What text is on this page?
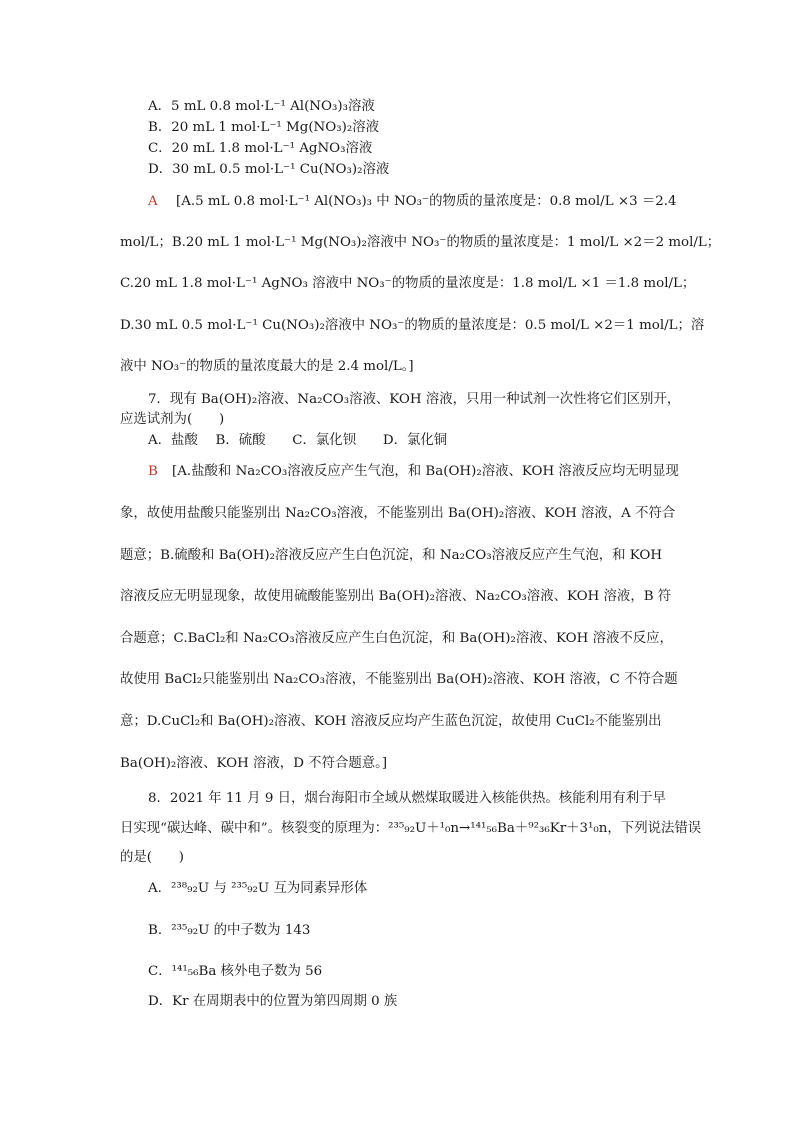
A．5 mL 0.8 mol·L⁻¹ Al(NO₃)₃溶液
B．20 mL 1 mol·L⁻¹ Mg(NO₃)₂溶液
C．20 mL 1.8 mol·L⁻¹ AgNO₃溶液
D．30 mL 0.5 mol·L⁻¹ Cu(NO₃)₂溶液
A [A.5 mL 0.8 mol·L⁻¹ Al(NO₃)₃ 中 NO₃⁻的物质的量浓度是：0.8 mol/L ×3 ＝2.4
mol/L；B.20 mL 1 mol·L⁻¹ Mg(NO₃)₂溶液中 NO₃⁻的物质的量浓度是：1 mol/L ×2＝2 mol/L；
C.20 mL 1.8 mol·L⁻¹ AgNO₃ 溶液中 NO₃⁻的物质的量浓度是：1.8 mol/L ×1 ＝1.8 mol/L；
D.30 mL 0.5 mol·L⁻¹ Cu(NO₃)₂溶液中 NO₃⁻的物质的量浓度是：0.5 mol/L ×2＝1 mol/L；溶
液中 NO₃⁻的物质的量浓度最大的是 2.4 mol/L。]
7．现有 Ba(OH)₂溶液、Na₂CO₃溶液、KOH 溶液，只用一种试剂一次性将它们区别开，
应选试剂为(　　)
A．盐酸　 B．硫酸　　C．氯化钡　　D．氯化铜
B [A.盐酸和 Na₂CO₃溶液反应产生气泡，和 Ba(OH)₂溶液、KOH 溶液反应均无明显现
象，故使用盐酸只能鉴别出 Na₂CO₃溶液，不能鉴别出 Ba(OH)₂溶液、KOH 溶液，A 不符合
题意；B.硫酸和 Ba(OH)₂溶液反应产生白色沉淀，和 Na₂CO₃溶液反应产生气泡，和 KOH
溶液反应无明显现象，故使用硫酸能鉴别出 Ba(OH)₂溶液、Na₂CO₃溶液、KOH 溶液，B 符
合题意；C.BaCl₂和 Na₂CO₃溶液反应产生白色沉淀，和 Ba(OH)₂溶液、KOH 溶液不反应，
故使用 BaCl₂只能鉴别出 Na₂CO₃溶液，不能鉴别出 Ba(OH)₂溶液、KOH 溶液，C 不符合题
意；D.CuCl₂和 Ba(OH)₂溶液、KOH 溶液反应均产生蓝色沉淀，故使用 CuCl₂不能鉴别出
Ba(OH)₂溶液、KOH 溶液，D 不符合题意。]
8．2021 年 11 月 9 日，烟台海阳市全域从燃煤取暖进入核能供热。核能利用有利于早
日实现“碳达峰、碳中和”。核裂变的原理为：²³⁵₉₂U＋¹₀n→¹⁴¹₅₆Ba＋⁹²₃₆Kr＋3¹₀n，下列说法错误
的是(　　)
A．²³⁸₉₂U 与 ²³⁵₉₂U 互为同素异形体
B．²³⁵₉₂U 的中子数为 143
C．¹⁴¹₅₆Ba 核外电子数为 56
D．Kr 在周期表中的位置为第四周期 0 族
